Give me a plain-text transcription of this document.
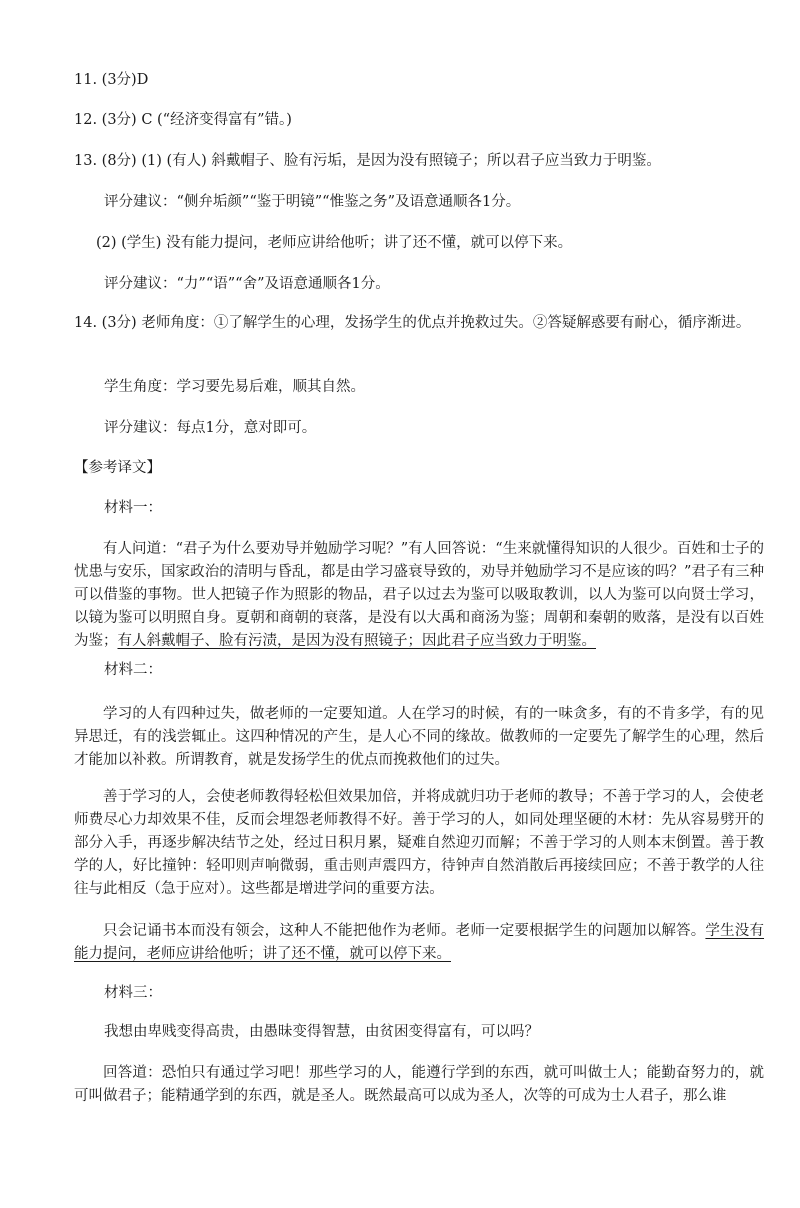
11. (3分)D
12. (3分) C (“经济变得富有”错。)
13. (8分) (1) (有人) 斜戴帽子、脸有污垢，是因为没有照镜子；所以君子应当致力于明鉴。
评分建议：“侧弁垢颜”“鉴于明镜”“惟鉴之务”及语意通顺各1分。
(2) (学生) 没有能力提问，老师应讲给他听；讲了还不懂，就可以停下来。
评分建议：“力”“语”“舍”及语意通顺各1分。

14. (3分) 老师角度：①了解学生的心理，发扬学生的优点并挽救过失。②答疑解惑要有耐心，循序渐进。

学生角度：学习要先易后难，顺其自然。
评分建议：每点1分，意对即可。
【参考译文】
材料一：

有人问道：“君子为什么要劝导并勉励学习呢？”有人回答说：“生来就懂得知识的人很少。百姓和士子的忧患与安乐，国家政治的清明与昏乱，都是由学习盛衰导致的，劝导并勉励学习不是应该的吗？”君子有三种可以借鉴的事物。世人把镜子作为照影的物品，君子以过去为鉴可以吸取教训，以人为鉴可以向贤士学习，以镜为鉴可以明照自身。夏朝和商朝的衰落，是没有以大禹和商汤为鉴；周朝和秦朝的败落，是没有以百姓为鉴；有人斜戴帽子、脸有污渍，是因为没有照镜子；因此君子应当致力于明鉴。

材料二：

学习的人有四种过失，做老师的一定要知道。人在学习的时候，有的一味贪多，有的不肯多学，有的见异思迁，有的浅尝辄止。这四种情况的产生，是人心不同的缘故。做教师的一定要先了解学生的心理，然后才能加以补救。所谓教育，就是发扬学生的优点而挽救他们的过失。

善于学习的人，会使老师教得轻松但效果加倍，并将成就归功于老师的教导；不善于学习的人，会使老师费尽心力却效果不佳，反而会埋怨老师教得不好。善于学习的人，如同处理坚硬的木材：先从容易劈开的部分入手，再逐步解决结节之处，经过日积月累，疑难自然迎刃而解；不善于学习的人则本末倒置。善于教学的人，好比撞钟：轻叩则声响微弱，重击则声震四方，待钟声自然消散后再接续回应；不善于教学的人往往与此相反（急于应对）。这些都是增进学问的重要方法。

只会记诵书本而没有领会，这种人不能把他作为老师。老师一定要根据学生的问题加以解答。学生没有能力提问，老师应讲给他听；讲了还不懂，就可以停下来。

材料三：
我想由卑贱变得高贵，由愚昧变得智慧，由贫困变得富有，可以吗？

回答道：恐怕只有通过学习吧！那些学习的人，能遵行学到的东西，就可叫做士人；能勤奋努力的，就可叫做君子；能精通学到的东西，就是圣人。既然最高可以成为圣人，次等的可成为士人君子，那么谁
